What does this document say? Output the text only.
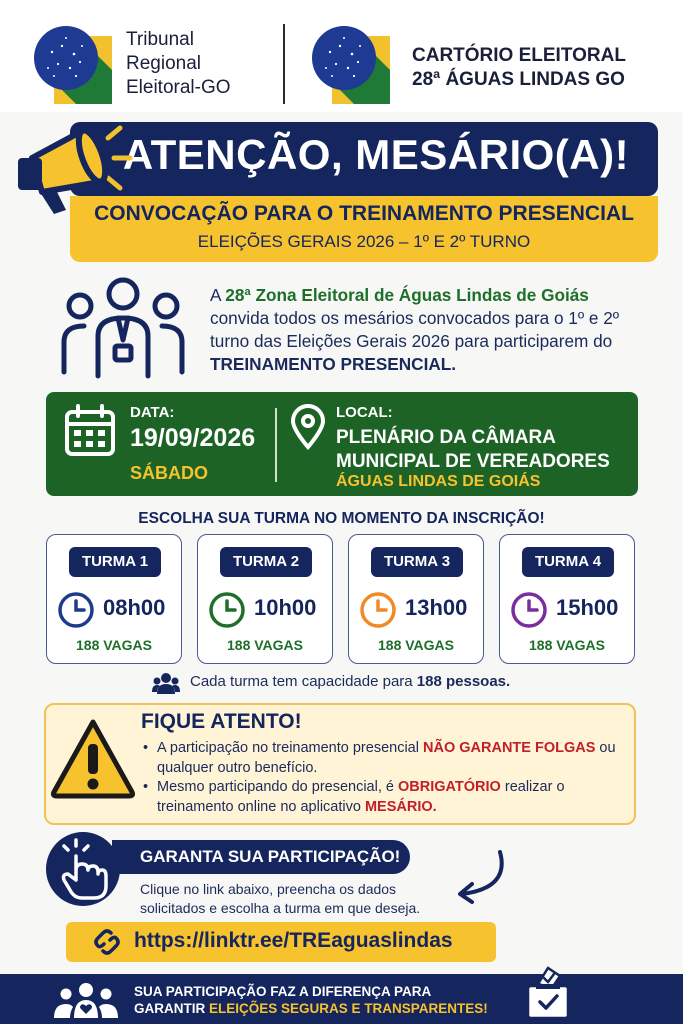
Tribunal
Regional
Eleitoral-GO
CARTÓRIO ELEITORAL
28ª ÁGUAS LINDAS GO
ATENÇÃO, MESÁRIO(A)!
CONVOCAÇÃO PARA O TREINAMENTO PRESENCIAL
ELEIÇÕES GERAIS 2026 – 1º E 2º TURNO
A 28ª Zona Eleitoral de Águas Lindas de Goiás convida todos os mesários convocados para o 1º e 2º turno das Eleições Gerais 2026 para participarem do TREINAMENTO PRESENCIAL.
DATA:
19/09/2026
SÁBADO
LOCAL:
PLENÁRIO DA CÂMARA
MUNICIPAL DE VEREADORES
ÁGUAS LINDAS DE GOIÁS
ESCOLHA SUA TURMA NO MOMENTO DA INSCRIÇÃO!
TURMA 1
08h00
188 VAGAS
TURMA 2
10h00
188 VAGAS
TURMA 3
13h00
188 VAGAS
TURMA 4
15h00
188 VAGAS
Cada turma tem capacidade para 188 pessoas.
FIQUE ATENTO!
• A participação no treinamento presencial NÃO GARANTE FOLGAS ou qualquer outro benefício.
• Mesmo participando do presencial, é OBRIGATÓRIO realizar o treinamento online no aplicativo MESÁRIO.
GARANTA SUA PARTICIPAÇÃO!
Clique no link abaixo, preencha os dados solicitados e escolha a turma em que deseja.
https://linktr.ee/TREaguaslindas
SUA PARTICIPAÇÃO FAZ A DIFERENÇA PARA
GARANTIR ELEIÇÕES SEGURAS E TRANSPARENTES!
